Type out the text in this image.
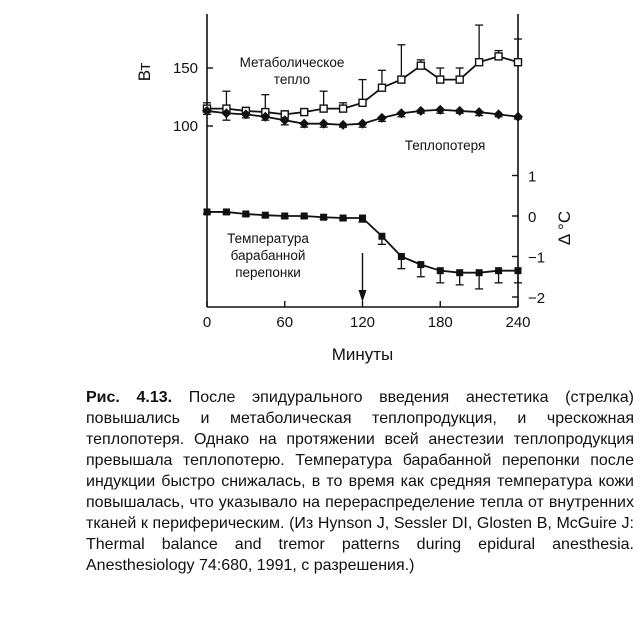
0	60	120	180	240
Минуты
100
150
Вт
1
0
−1
−2
Δ °С
Метаболическое
тепло
Теплопотеря
Температура
барабанной
перепонки
Рис. 4.13. После эпидурального введения анестетика (стрелка) повышались и метаболическая теплопродукция, и чрескожная теплопотеря. Однако на протяжении всей анестезии теплопродукция превышала теплопотерю. Температура барабанной перепонки после индукции быстро снижалась, в то время как средняя температура кожи повышалась, что указывало на перераспределение тепла от внутренних тканей к периферическим. (Из Hynson J, Sessler DI, Glosten B, McGuire J: Thermal balance and tremor patterns during epidural anesthesia. Anesthesiology 74:680, 1991, с разрешения.)
